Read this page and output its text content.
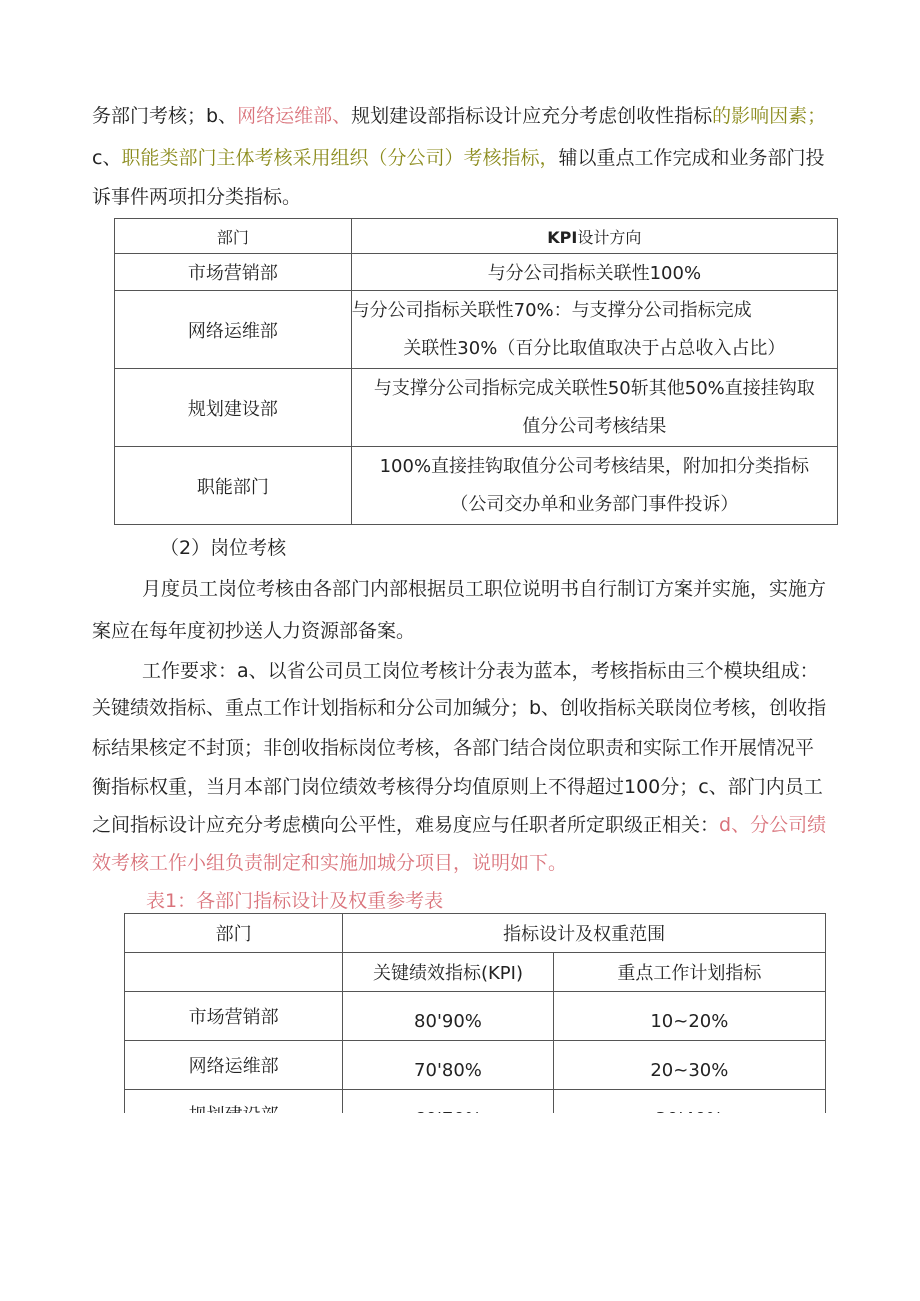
务部门考核；b、网络运维部、规划建设部指标设计应充分考虑创收性指标的影响因素；
c、职能类部门主体考核采用组织（分公司）考核指标，辅以重点工作完成和业务部门投
诉事件两项扣分类指标。
部门	KPI设计方向
市场营销部	与分公司指标关联性100%
网络运维部	与分公司指标关联性70%：与支撑分公司指标完成
关联性30%（百分比取值取决于占总收入占比）

规划建设部	与支撑分公司指标完成关联性50斩其他50%直接挂钩取
值分公司考核结果

职能部门	100%直接挂钩取值分公司考核结果，附加扣分类指标
（公司交办单和业务部门事件投诉）
（2）岗位考核
月度员工岗位考核由各部门内部根据员工职位说明书自行制订方案并实施，实施方
案应在每年度初抄送人力资源部备案。
工作要求：a、以省公司员工岗位考核计分表为蓝本，考核指标由三个模块组成：
关键绩效指标、重点工作计划指标和分公司加缄分；b、创收指标关联岗位考核，创收指
标结果核定不封顶；非创收指标岗位考核，各部门结合岗位职责和实际工作开展情况平
衡指标权重，当月本部门岗位绩效考核得分均值原则上不得超过100分；c、部门内员工
之间指标设计应充分考虑横向公平性，难易度应与任职者所定职级正相关：d、分公司绩
效考核工作小组负责制定和实施加城分项目，说明如下。
表1：各部门指标设计及权重参考表
部门	指标设计及权重范围	
	关键绩效指标(KPI)	重点工作计划指标
市场营销部	80'90%	10~20%
网络运维部	70'80%	20~30%
